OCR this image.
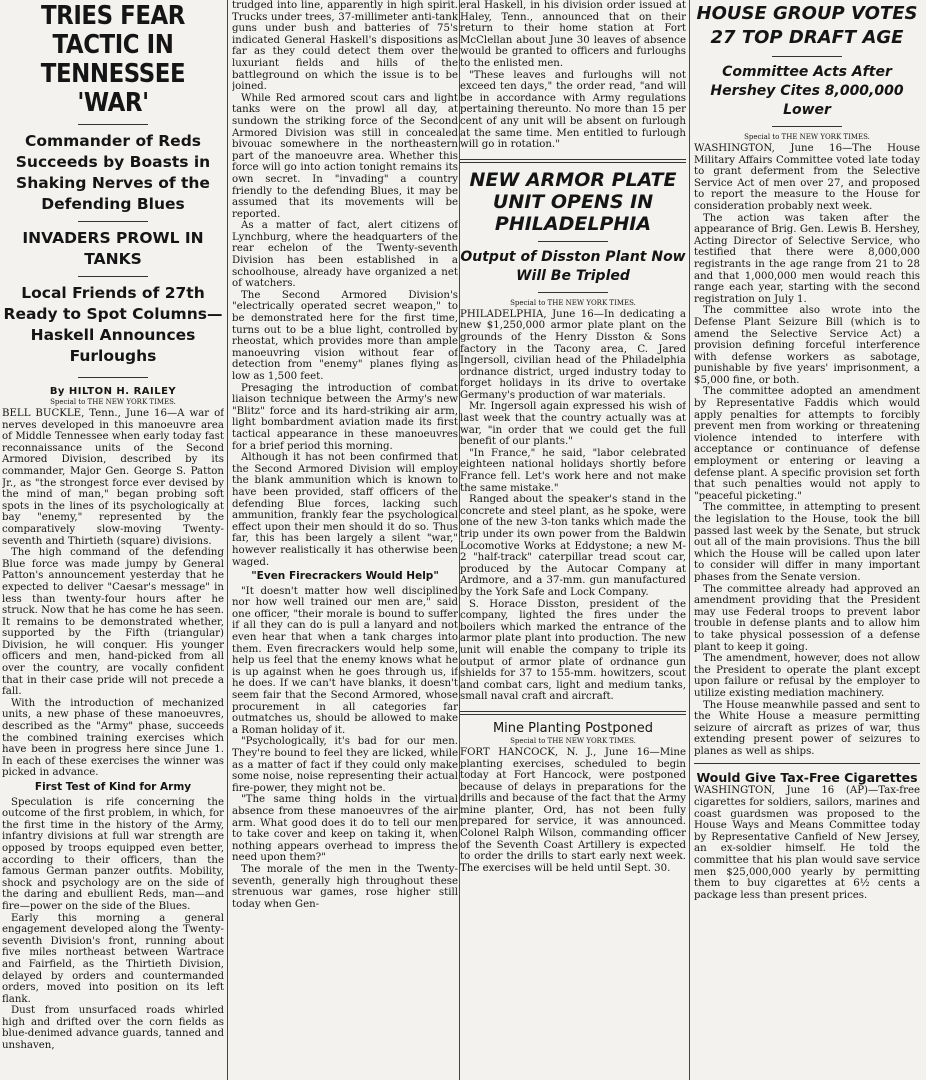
TRIES FEAR TACTIC IN TENNESSEE 'WAR'
Commander of Reds Succeeds by Boasts in Shaking Nerves of the Defending Blues
INVADERS PROWL IN TANKS
Local Friends of 27th Ready to Spot Columns—Haskell Announces Furloughs
By HILTON H. RAILEY
Special to THE NEW YORK TIMES.

BELL BUCKLE, Tenn., June 16—A war of nerves developed in this manoeuvre area of Middle Tennessee when early today fast reconnaissance units of the Second Armored Division, described by its commander, Major Gen. George S. Patton Jr., as "the strongest force ever devised by the mind of man," began probing soft spots in the lines of its psychologically at bay "enemy," represented by the comparatively slow-moving Twenty-seventh and Thirtieth (square) divisions.

The high command of the defending Blue force was made jumpy by General Patton's announcement yesterday that he expected to deliver "Caesar's message" in less than twenty-four hours after he struck. Now that he has come he has seen. It remains to be demonstrated whether, supported by the Fifth (triangular) Division, he will conquer. His younger officers and men, hand-picked from all over the country, are vocally confident that in their case pride will not precede a fall.

With the introduction of mechanized units, a new phase of these manoeuvres, described as the "Army" phase, succeeds the combined training exercises which have been in progress here since June 1. In each of these exercises the winner was picked in advance.

First Test of Kind for Army

Speculation is rife concerning the outcome of the first problem, in which, for the first time in the history of the Army, infantry divisions at full war strength are opposed by troops equipped even better, according to their officers, than the famous German panzer outfits. Mobility, shock and psychology are on the side of the daring and ebullient Reds, man—and fire—power on the side of the Blues.

Early this morning a general engagement developed along the Twenty-seventh Division's front, running about five miles northeast between Wartrace and Fairfield, as the Thirtieth Division, delayed by orders and countermanded orders, moved into position on its left flank.

Dust from unsurfaced roads whirled high and drifted over the corn fields as blue-denimed advance guards, tanned and unshaven,

trudged into line, apparently in high spirit. Trucks under trees, 37-millimeter anti-tank guns under bush and batteries of 75's indicated General Haskell's dispositions as far as they could detect them over the luxuriant fields and hills of the battleground on which the issue is to be joined.

While Red armored scout cars and light tanks were on the prowl all day, at sundown the striking force of the Second Armored Division was still in concealed bivouac somewhere in the northeastern part of the manoeuvre area. Whether this force will go into action tonight remains its own secret. In "invading" a country friendly to the defending Blues, it may be assumed that its movements will be reported.

As a matter of fact, alert citizens of Lynchburg, where the headquarters of the rear echelon of the Twenty-seventh Division has been established in a schoolhouse, already have organized a net of watchers.

The Second Armored Division's "electrically operated secret weapon," to be demonstrated here for the first time, turns out to be a blue light, controlled by rheostat, which provides more than ample manoeuvring vision without fear of detection from "enemy" planes flying as low as 1,500 feet.

Presaging the introduction of combat liaison technique between the Army's new "Blitz" force and its hard-striking air arm, light bombardment aviation made its first tactical appearance in these manoeuvres for a brief period this morning.

Although it has not been confirmed that the Second Armored Division will employ the blank ammunition which is known to have been provided, staff officers of the defending Blue forces, lacking such ammunition, frankly fear the psychological effect upon their men should it do so. Thus far, this has been largely a silent "war," however realistically it has otherwise been waged.

"Even Firecrackers Would Help"

"It doesn't matter how well disciplined nor how well trained our men are," said one officer, "their morale is bound to suffer if all they can do is pull a lanyard and not even hear that when a tank charges into them. Even firecrackers would help some, help us feel that the enemy knows what he is up against when he goes through us, if he does. If we can't have blanks, it doesn't seem fair that the Second Armored, whose procurement in all categories far outmatches us, should be allowed to make a Roman holiday of it.

"Psychologically, it's bad for our men. They're bound to feel they are licked, while as a matter of fact if they could only make some noise, noise representing their actual fire-power, they might not be.

"The same thing holds in the virtual absence from these manoeuvres of the air arm. What good does it do to tell our men to take cover and keep on taking it, when nothing appears overhead to impress the need upon them?"

The morale of the men in the Twenty-seventh, generally high throughout these strenuous war games, rose higher still today when Gen-

eral Haskell, in his division order issued at Haley, Tenn., announced that on their return to their home station at Fort McClellan about June 30 leaves of absence would be granted to officers and furloughs to the enlisted men.

"These leaves and furloughs will not exceed ten days," the order read, "and will be in accordance with Army regulations pertaining thereunto. No more than 15 per cent of any unit will be absent on furlough at the same time. Men entitled to furlough will go in rotation."

NEW ARMOR PLATE UNIT OPENS IN PHILADELPHIA
Output of Disston Plant Now Will Be Tripled
Special to THE NEW YORK TIMES.

PHILADELPHIA, June 16—In dedicating a new $1,250,000 armor plate plant on the grounds of the Henry Disston & Sons factory in the Tacony area, C. Jared Ingersoll, civilian head of the Philadelphia ordnance district, urged industry today to forget holidays in its drive to overtake Germany's production of war materials.

Mr. Ingersoll again expressed his wish of last week that the country actually was at war, "in order that we could get the full benefit of our plants."

"In France," he said, "labor celebrated eighteen national holidays shortly before France fell. Let's work here and not make the same mistake."

Ranged about the speaker's stand in the concrete and steel plant, as he spoke, were one of the new 3-ton tanks which made the trip under its own power from the Baldwin Locomotive Works at Eddystone; a new M-2 "half-track" caterpillar tread scout car, produced by the Autocar Company at Ardmore, and a 37-mm. gun manufactured by the York Safe and Lock Company.

S. Horace Disston, president of the company, lighted the fires under the boilers which marked the entrance of the armor plate plant into production. The new unit will enable the company to triple its output of armor plate of ordnance gun shields for 37 to 155-mm. howitzers, scout and combat cars, light and medium tanks, small naval craft and aircraft.

Mine Planting Postponed
Special to THE NEW YORK TIMES.

FORT HANCOCK, N. J., June 16—Mine planting exercises, scheduled to begin today at Fort Hancock, were postponed because of delays in preparations for the drills and because of the fact that the Army mine planter, Ord, has not been fully prepared for service, it was announced. Colonel Ralph Wilson, commanding officer of the Seventh Coast Artillery is expected to order the drills to start early next week. The exercises will be held until Sept. 30.

HOUSE GROUP VOTES 27 TOP DRAFT AGE
Committee Acts After Hershey Cites 8,000,000 Lower
Special to THE NEW YORK TIMES.

WASHINGTON, June 16—The House Military Affairs Committee voted late today to grant deferment from the Selective Service Act of men over 27, and proposed to report the measure to the House for consideration probably next week.

The action was taken after the appearance of Brig. Gen. Lewis B. Hershey, Acting Director of Selective Service, who testified that there were 8,000,000 registrants in the age range from 21 to 28 and that 1,000,000 men would reach this range each year, starting with the second registration on July 1.

The committee also wrote into the Defense Plant Seizure Bill (which is to amend the Selective Service Act) a provision defining forceful interference with defense workers as sabotage, punishable by five years' imprisonment, a $5,000 fine, or both.

The committee adopted an amendment by Representative Faddis which would apply penalties for attempts to forcibly prevent men from working or threatening violence intended to interfere with acceptance or continuance of defense employment or entering or leaving a defense plant. A specific provision set forth that such penalties would not apply to "peaceful picketing."

The committee, in attempting to present the legislation to the House, took the bill passed last week by the Senate, but struck out all of the main provisions. Thus the bill which the House will be called upon later to consider will differ in many important phases from the Senate version.

The committee already had approved an amendment providing that the President may use Federal troops to prevent labor trouble in defense plants and to allow him to take physical possession of a defense plant to keep it going.

The amendment, however, does not allow the President to operate the plant except upon failure or refusal by the employer to utilize existing mediation machinery.

The House meanwhile passed and sent to the White House a measure permitting seizure of aircraft as prizes of war, thus extending present power of seizures to planes as well as ships.

Would Give Tax-Free Cigarettes

WASHINGTON, June 16 (AP)—Tax-free cigarettes for soldiers, sailors, marines and coast guardsmen was proposed to the House Ways and Means Committee today by Representative Canfield of New Jersey, an ex-soldier himself. He told the committee that his plan would save service men $25,000,000 yearly by permitting them to buy cigarettes at 6½ cents a package less than present prices.
